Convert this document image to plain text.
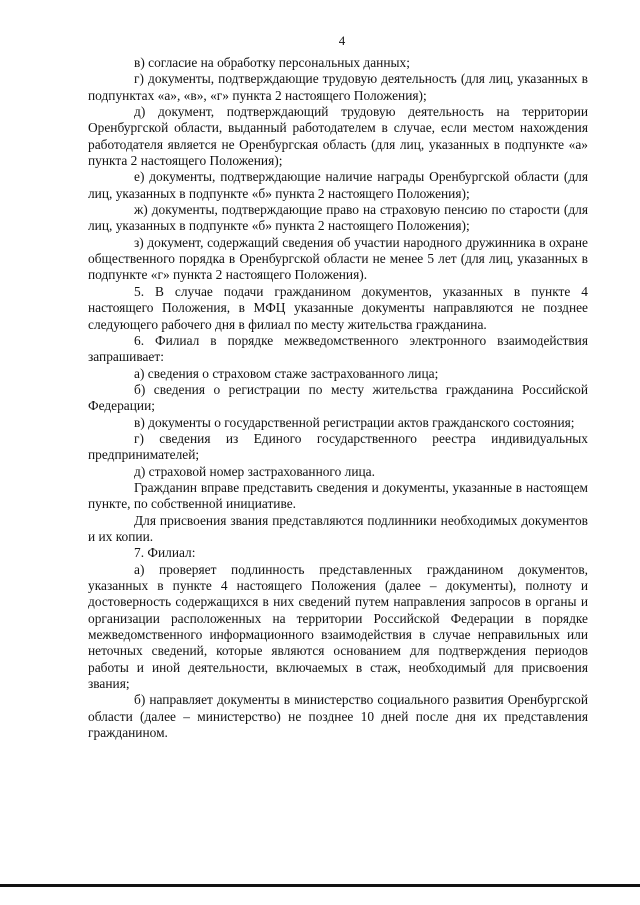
4

в) согласие на обработку персональных данных;

г) документы, подтверждающие трудовую деятельность (для лиц, указанных в подпунктах «а», «в», «г» пункта 2 настоящего Положения);

д) документ, подтверждающий трудовую деятельность на территории Оренбургской области, выданный работодателем в случае, если местом нахождения работодателя является не Оренбургская область (для лиц, указанных в подпункте «а» пункта 2 настоящего Положения);

е) документы, подтверждающие наличие награды Оренбургской области (для лиц, указанных в подпункте «б» пункта 2 настоящего Положения);

ж) документы, подтверждающие право на страховую пенсию по старости (для лиц, указанных в подпункте «б» пункта 2 настоящего Положения);

з) документ, содержащий сведения об участии народного дружинника в охране общественного порядка в Оренбургской области не менее 5 лет (для лиц, указанных в подпункте «г» пункта 2 настоящего Положения).

5. В случае подачи гражданином документов, указанных в пункте 4 настоящего Положения, в МФЦ указанные документы направляются не позднее следующего рабочего дня в филиал по месту жительства гражданина.

6. Филиал в порядке межведомственного электронного взаимодействия запрашивает:

а) сведения о страховом стаже застрахованного лица;

б) сведения о регистрации по месту жительства гражданина Российской Федерации;

в) документы о государственной регистрации актов гражданского состояния;

г) сведения из Единого государственного реестра индивидуальных предпринимателей;

д) страховой номер застрахованного лица.

Гражданин вправе представить сведения и документы, указанные в настоящем пункте, по собственной инициативе.

Для присвоения звания представляются подлинники необходимых документов и их копии.

7. Филиал:

а) проверяет подлинность представленных гражданином документов, указанных в пункте 4 настоящего Положения (далее – документы), полноту и достоверность содержащихся в них сведений путем направления запросов в органы и организации расположенных на территории Российской Федерации в порядке межведомственного информационного взаимодействия в случае неправильных или неточных сведений, которые являются основанием для подтверждения периодов работы и иной деятельности, включаемых в стаж, необходимый для присвоения звания;

б) направляет документы в министерство социального развития Оренбургской области (далее – министерство) не позднее 10 дней после дня их представления гражданином.
